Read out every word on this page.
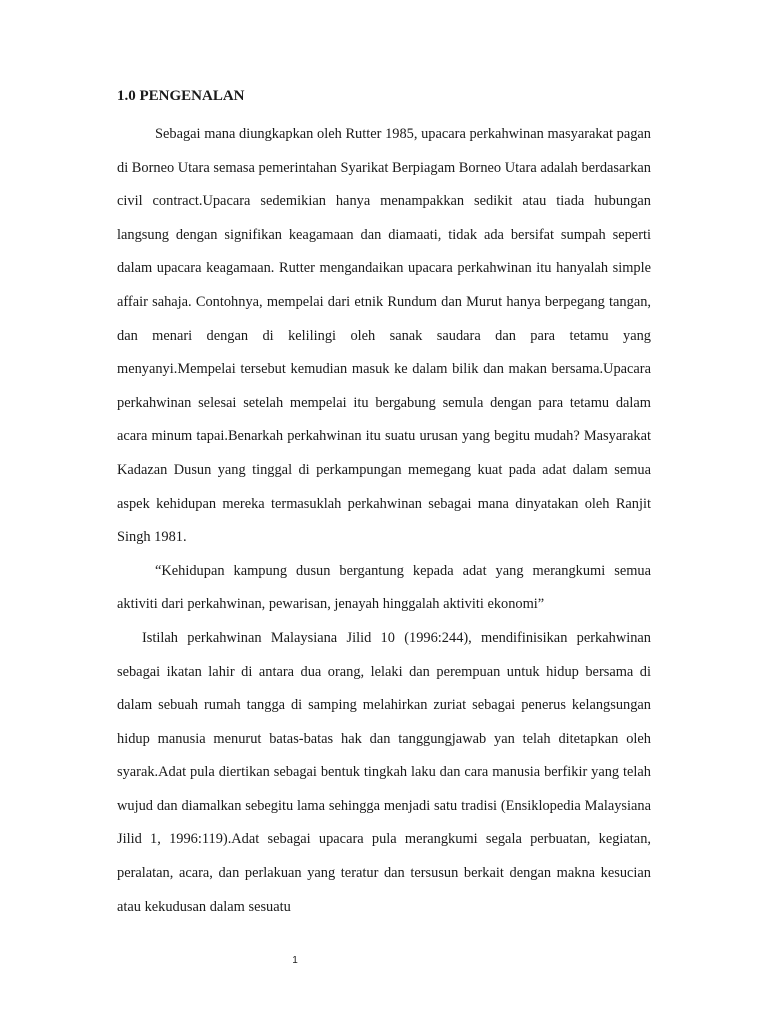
1.0 PENGENALAN

Sebagai mana diungkapkan oleh Rutter 1985, upacara perkahwinan masyarakat pagan di Borneo Utara semasa pemerintahan Syarikat Berpiagam Borneo Utara adalah berdasarkan civil contract.Upacara sedemikian hanya menampakkan sedikit atau tiada hubungan langsung dengan signifikan keagamaan dan diamaati, tidak ada bersifat sumpah seperti dalam upacara keagamaan. Rutter mengandaikan upacara perkahwinan itu hanyalah simple affair sahaja. Contohnya, mempelai dari etnik Rundum dan Murut hanya berpegang tangan, dan menari dengan di kelilingi oleh sanak saudara dan para tetamu yang menyanyi.Mempelai tersebut kemudian masuk ke dalam bilik dan makan bersama.Upacara perkahwinan selesai setelah mempelai itu bergabung semula dengan para tetamu dalam acara minum tapai.Benarkah perkahwinan itu suatu urusan yang begitu mudah? Masyarakat Kadazan Dusun yang tinggal di perkampungan memegang kuat pada adat dalam semua aspek kehidupan mereka termasuklah perkahwinan sebagai mana dinyatakan oleh Ranjit Singh 1981.

“Kehidupan kampung dusun bergantung kepada adat yang merangkumi semua aktiviti dari perkahwinan, pewarisan, jenayah hinggalah aktiviti ekonomi”

Istilah perkahwinan Malaysiana Jilid 10 (1996:244), mendifinisikan perkahwinan sebagai ikatan lahir di antara dua orang, lelaki dan perempuan untuk hidup bersama di dalam sebuah rumah tangga di samping melahirkan zuriat sebagai penerus kelangsungan hidup manusia menurut batas-batas hak dan tanggungjawab yan telah ditetapkan oleh syarak.Adat pula diertikan sebagai bentuk tingkah laku dan cara manusia berfikir yang telah wujud dan diamalkan sebegitu lama sehingga menjadi satu tradisi (Ensiklopedia Malaysiana Jilid 1, 1996:119).Adat sebagai upacara pula merangkumi segala perbuatan, kegiatan, peralatan, acara, dan perlakuan yang teratur dan tersusun berkait dengan makna kesucian atau kekudusan dalam sesuatu

1
